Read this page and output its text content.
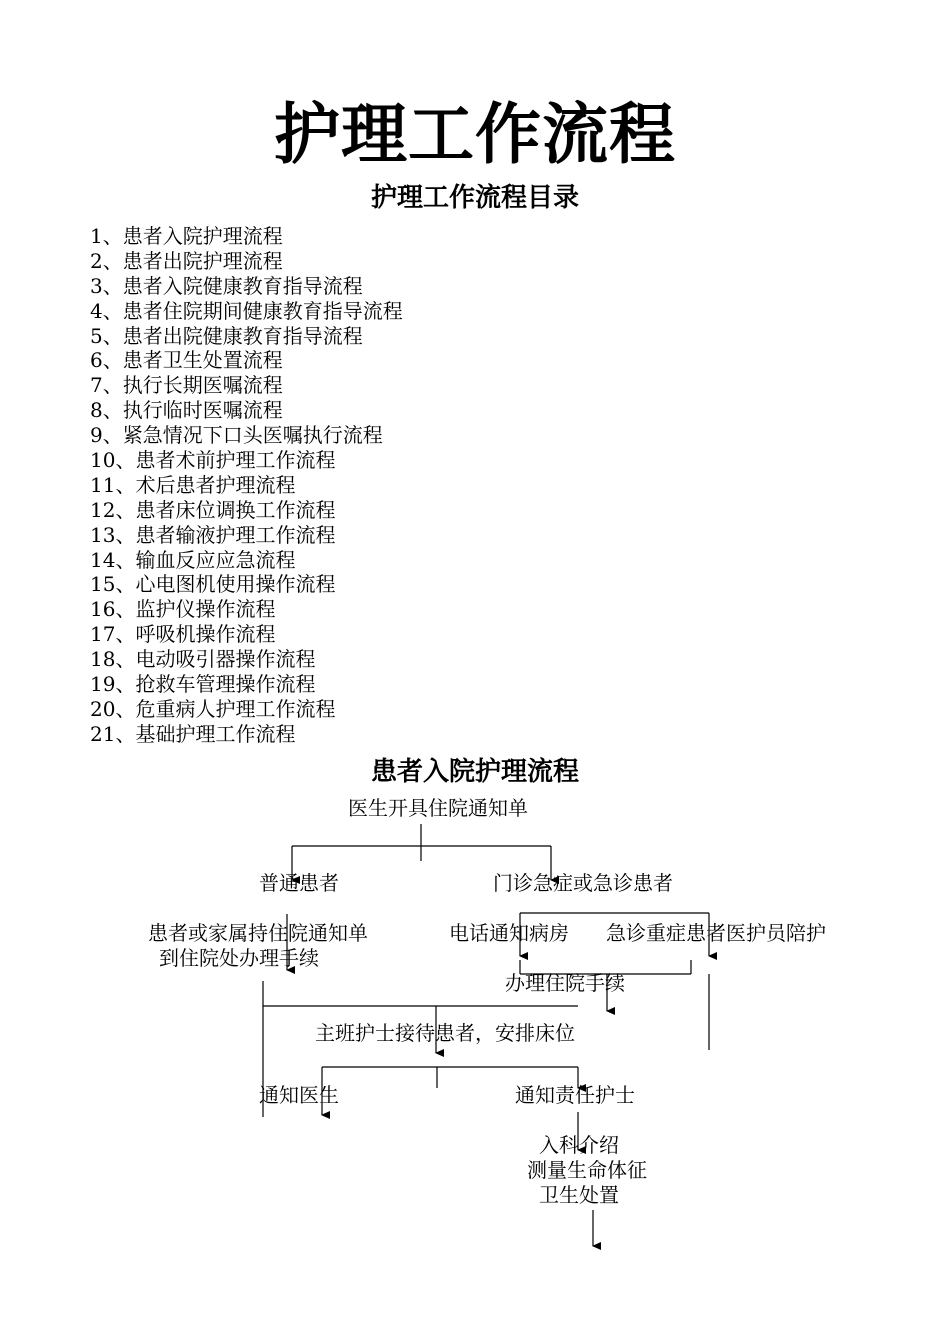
护理工作流程
护理工作流程目录
1、患者入院护理流程
2、患者出院护理流程
3、患者入院健康教育指导流程
4、患者住院期间健康教育指导流程
5、患者出院健康教育指导流程
6、患者卫生处置流程
7、执行长期医嘱流程
8、执行临时医嘱流程
9、紧急情况下口头医嘱执行流程
10、患者术前护理工作流程
11、术后患者护理流程
12、患者床位调换工作流程
13、患者输液护理工作流程
14、输血反应应急流程
15、心电图机使用操作流程
16、监护仪操作流程
17、呼吸机操作流程
18、电动吸引器操作流程
19、抢救车管理操作流程
20、危重病人护理工作流程
21、基础护理工作流程
患者入院护理流程
医生开具住院通知单
普通患者	门诊急症或急诊患者
患者或家属持住院通知单
到住院处办理手续
电话通知病房 急诊重症患者医护员陪护
办理住院手续
主班护士接待患者，安排床位
通知医生	通知责任护士
入科介绍
测量生命体征
卫生处置
